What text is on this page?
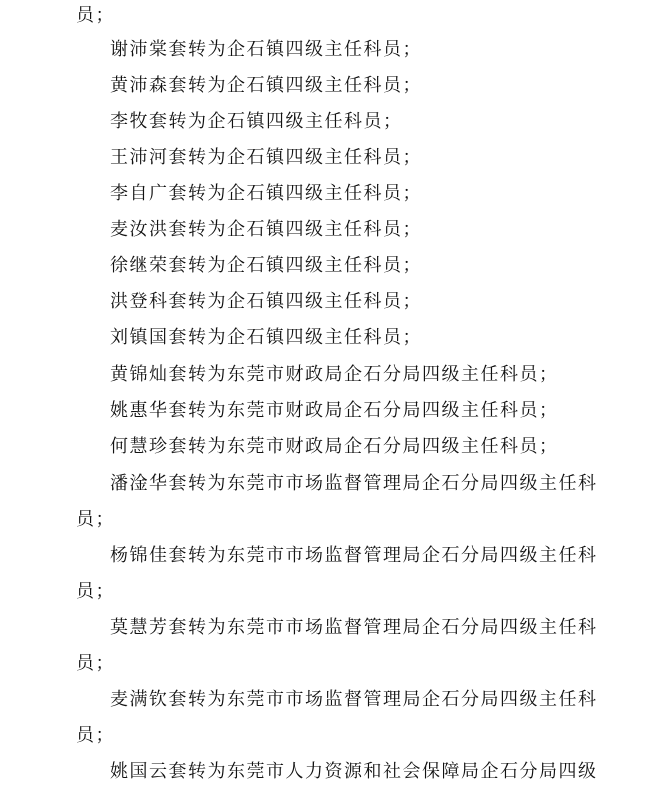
员；
谢沛棠套转为企石镇四级主任科员；
黄沛森套转为企石镇四级主任科员；
李牧套转为企石镇四级主任科员；
王沛河套转为企石镇四级主任科员；
李自广套转为企石镇四级主任科员；
麦汝洪套转为企石镇四级主任科员；
徐继荣套转为企石镇四级主任科员；
洪登科套转为企石镇四级主任科员；
刘镇国套转为企石镇四级主任科员；
黄锦灿套转为东莞市财政局企石分局四级主任科员；
姚惠华套转为东莞市财政局企石分局四级主任科员；
何慧珍套转为东莞市财政局企石分局四级主任科员；
潘淦华套转为东莞市市场监督管理局企石分局四级主任科
员；
杨锦佳套转为东莞市市场监督管理局企石分局四级主任科
员；
莫慧芳套转为东莞市市场监督管理局企石分局四级主任科
员；
麦满钦套转为东莞市市场监督管理局企石分局四级主任科
员；
姚国云套转为东莞市人力资源和社会保障局企石分局四级
